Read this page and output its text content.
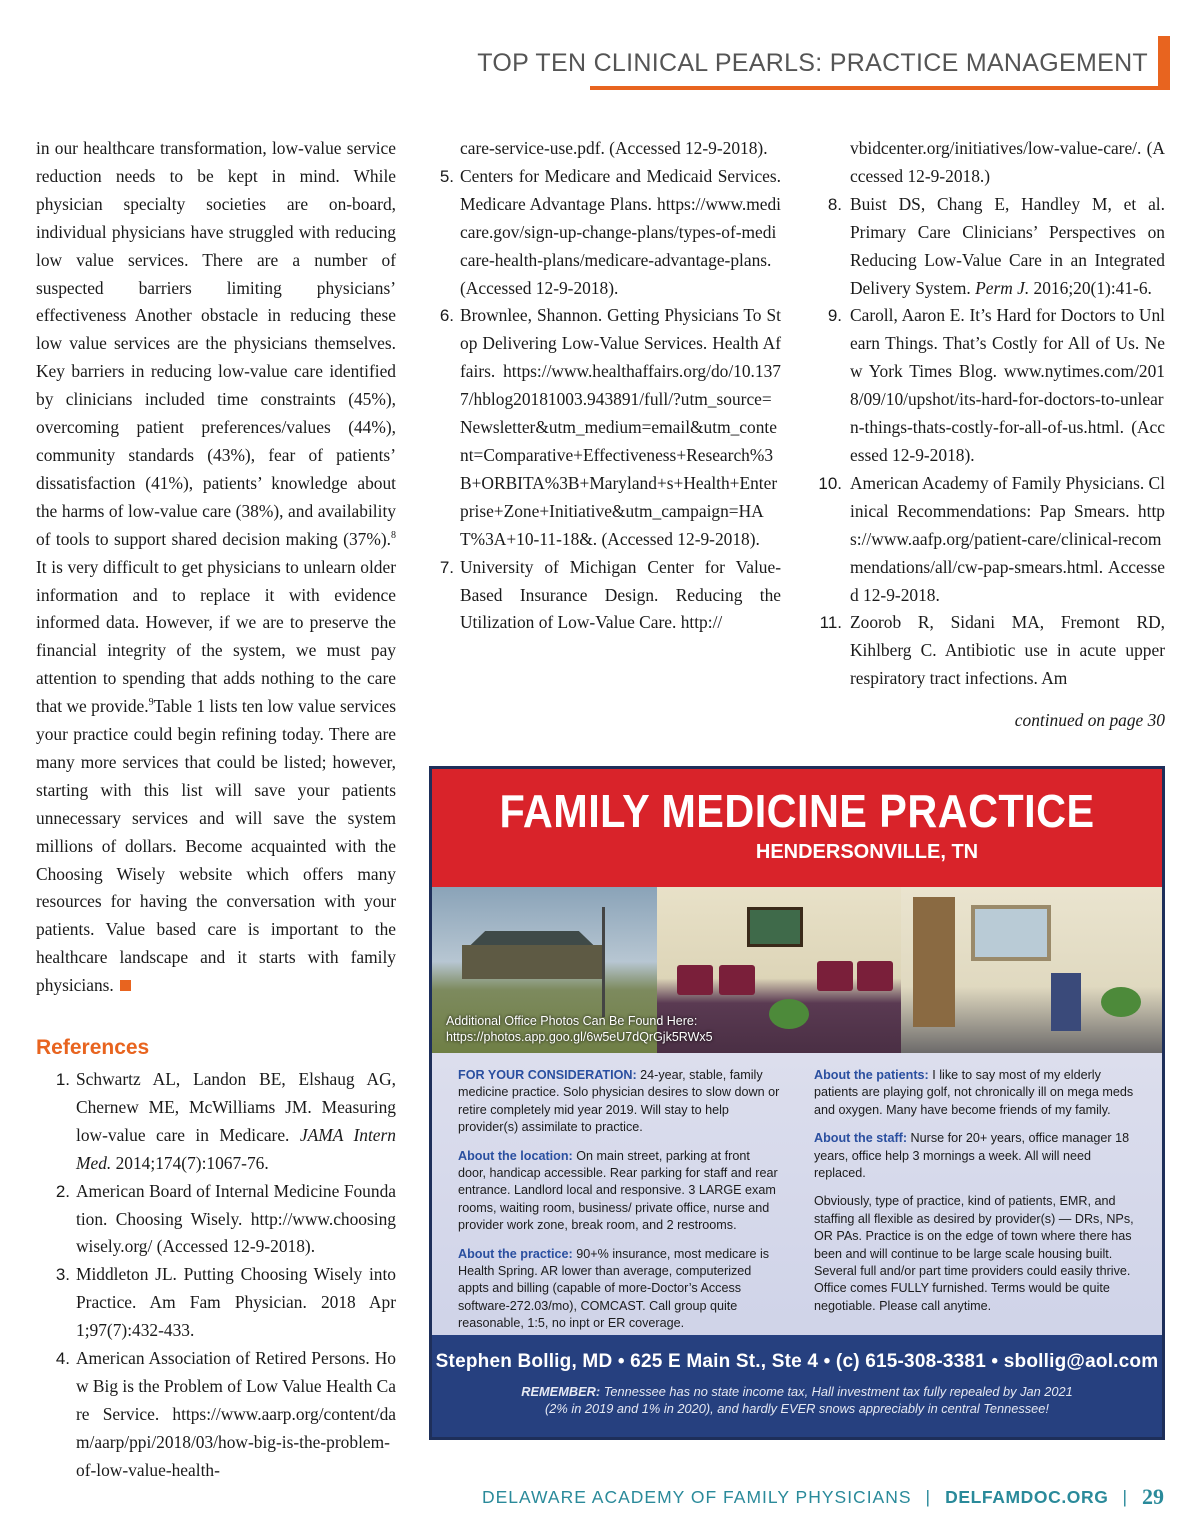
TOP TEN CLINICAL PEARLS: PRACTICE MANAGEMENT

in our healthcare transformation, low-value service reduction needs to be kept in mind. While physician specialty societies are on-board, individual physicians have struggled with reducing low value services. There are a number of suspected barriers limiting physicians’ effectiveness Another obstacle in reducing these low value services are the physicians themselves. Key barriers in reducing low-value care identified by clinicians included time constraints (45%), overcoming patient preferences/values (44%), community standards (43%), fear of patients’ dissatisfaction (41%), patients’ knowledge about the harms of low-value care (38%), and availability of tools to support shared decision making (37%).$^8$ It is very difficult to get physicians to unlearn older information and to replace it with evidence informed data. However, if we are to preserve the financial integrity of the system, we must pay attention to spending that adds nothing to the care that we provide.$^9$Table 1 lists ten low value services your practice could begin refining today. There are many more services that could be listed; however, starting with this list will save your patients unnecessary services and will save the system millions of dollars. Become acquainted with the Choosing Wisely website which offers many resources for having the conversation with your patients. Value based care is important to the healthcare landscape and it starts with family physicians.

References
1. Schwartz AL, Landon BE, Elshaug AG, Chernew ME, McWilliams JM. Measuring low-value care in Medicare. JAMA Intern Med. 2014;174(7):1067-76.
2. American Board of Internal Medicine Foundation. Choosing Wisely. http://www.choosingwisely.org/ (Accessed 12-9-2018).
3. Middleton JL. Putting Choosing Wisely into Practice. Am Fam Physician. 2018 Apr 1;97(7):432-433.
4. American Association of Retired Persons. How Big is the Problem of Low Value Health Care Service. https://www.aarp.org/content/dam/aarp/ppi/2018/03/how-big-is-the-problem-of-low-value-health-

care-service-use.pdf. (Accessed 12-9-2018).

5. Centers for Medicare and Medicaid Services. Medicare Advantage Plans. https://www.medicare.gov/sign-up-change-plans/types-of-medicare-health-plans/medicare-advantage-plans. (Accessed 12-9-2018).
6. Brownlee, Shannon. Getting Physicians To Stop Delivering Low-Value Services. Health Affairs. https://www.healthaffairs.org/do/10.1377/hblog20181003.943891/full/?utm_source=Newsletter&utm_medium=email&utm_content=Comparative+Effectiveness+Research%3B+ORBITA%3B+Maryland+s+Health+Enterprise+Zone+Initiative&utm_campaign=HAT%3A+10-11-18&. (Accessed 12-9-2018).
7. University of Michigan Center for Value-Based Insurance Design. Reducing the Utilization of Low-Value Care. http://

vbidcenter.org/initiatives/low-value-care/. (Accessed 12-9-2018.)

8. Buist DS, Chang E, Handley M, et al. Primary Care Clinicians’ Perspectives on Reducing Low-Value Care in an Integrated Delivery System. Perm J. 2016;20(1):41-6.
9. Caroll, Aaron E. It’s Hard for Doctors to Unlearn Things. That’s Costly for All of Us. New York Times Blog. www.nytimes.com/2018/09/10/upshot/its-hard-for-doctors-to-unlearn-things-thats-costly-for-all-of-us.html. (Accessed 12-9-2018).
10. American Academy of Family Physicians. Clinical Recommendations: Pap Smears. https://www.aafp.org/patient-care/clinical-recommendations/all/cw-pap-smears.html. Accessed 12-9-2018.
11. Zoorob R, Sidani MA, Fremont RD, Kihlberg C. Antibiotic use in acute upper respiratory tract infections. Am

continued on page 30

FAMILY MEDICINE PRACTICE
HENDERSONVILLE, TN
Additional Office Photos Can Be Found Here:
https://photos.app.goo.gl/6w5eU7dQrGjk5RWx5

FOR YOUR CONSIDERATION: 24-year, stable, family medicine practice. Solo physician desires to slow down or retire completely mid year 2019. Will stay to help provider(s) assimilate to practice.

About the location: On main street, parking at front door, handicap accessible. Rear parking for staff and rear entrance. Landlord local and responsive. 3 LARGE exam rooms, waiting room, business/ private office, nurse and provider work zone, break room, and 2 restrooms.

About the practice: 90+% insurance, most medicare is Health Spring. AR lower than average, computerized appts and billing (capable of more-Doctor’s Access software-272.03/mo), COMCAST. Call group quite reasonable, 1:5, no inpt or ER coverage.

About the patients: I like to say most of my elderly patients are playing golf, not chronically ill on mega meds and oxygen. Many have become friends of my family.

About the staff: Nurse for 20+ years, office manager 18 years, office help 3 mornings a week. All will need replaced.

Obviously, type of practice, kind of patients, EMR, and staffing all flexible as desired by provider(s) — DRs, NPs, OR PAs. Practice is on the edge of town where there has been and will continue to be large scale housing built. Several full and/or part time providers could easily thrive. Office comes FULLY furnished. Terms would be quite negotiable. Please call anytime.

Stephen Bollig, MD • 625 E Main St., Ste 4 • (c) 615-308-3381 • sbollig@aol.com
REMEMBER: Tennessee has no state income tax, Hall investment tax fully repealed by Jan 2021
(2% in 2019 and 1% in 2020), and hardly EVER snows appreciably in central Tennessee!
DELAWARE ACADEMY OF FAMILY PHYSICIANS | DELFAMDOC.ORG | 29
